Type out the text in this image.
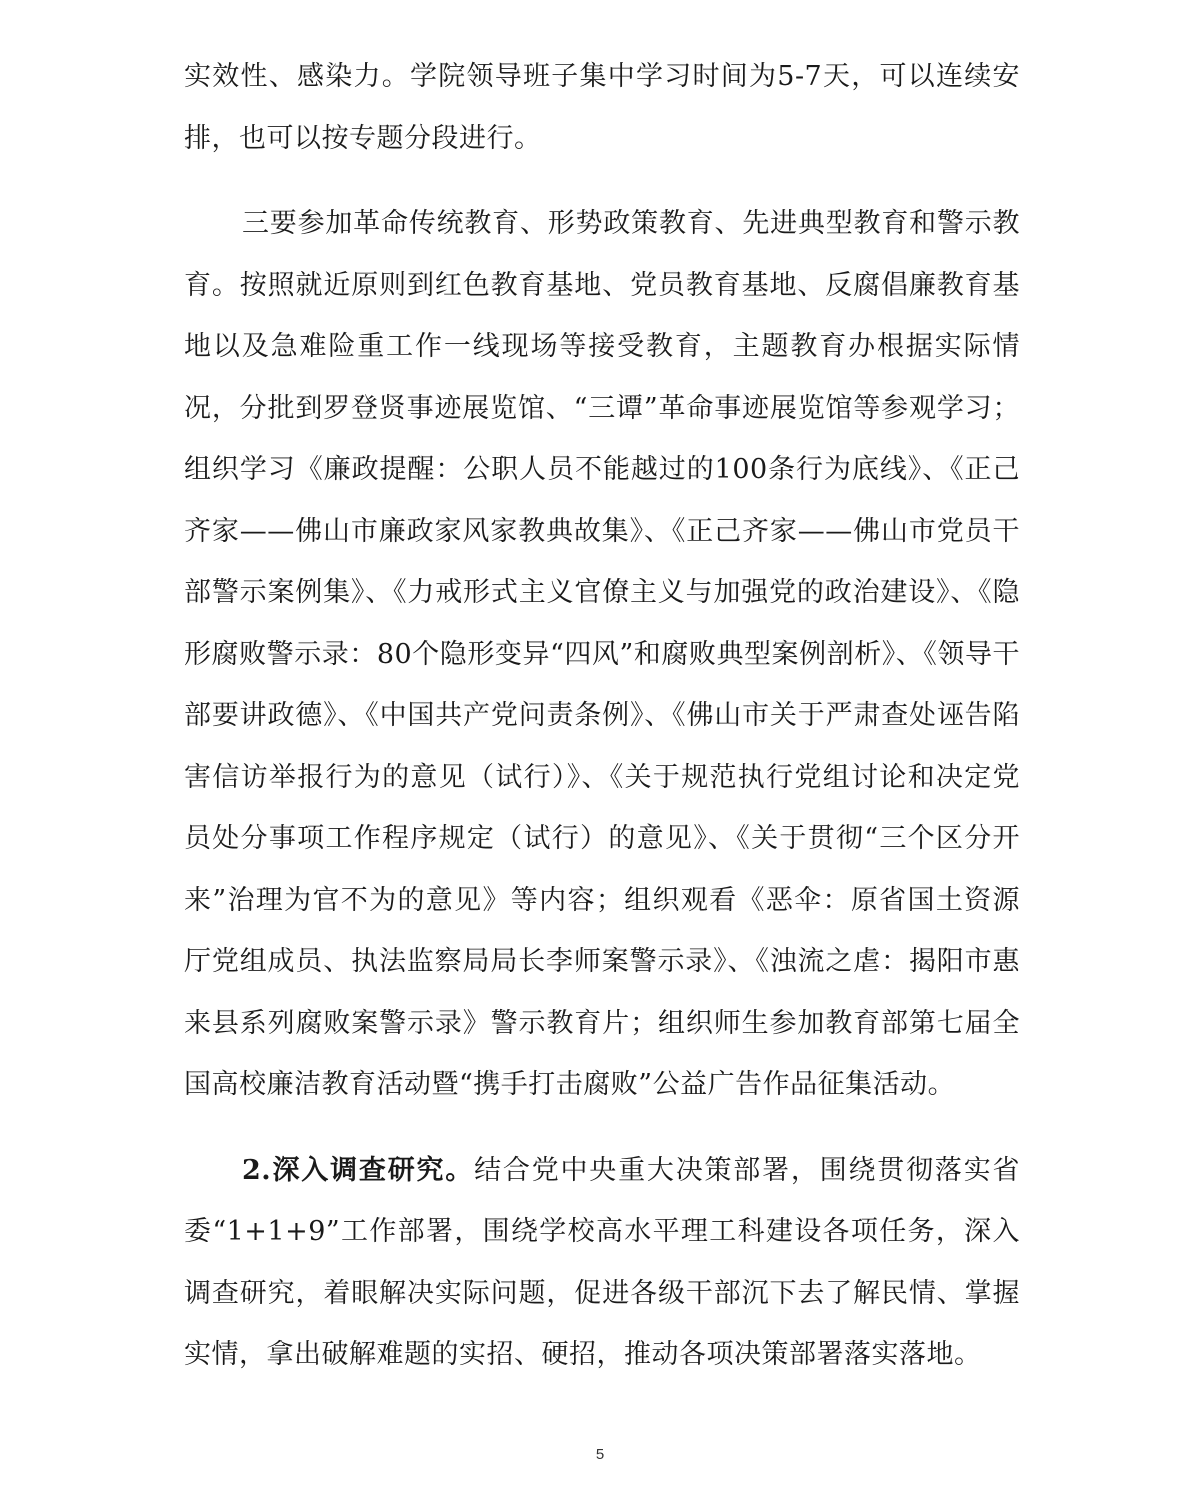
实效性、感染力。学院领导班子集中学习时间为5-7天，可以连续安排，也可以按专题分段进行。

三要参加革命传统教育、形势政策教育、先进典型教育和警示教育。按照就近原则到红色教育基地、党员教育基地、反腐倡廉教育基地以及急难险重工作一线现场等接受教育，主题教育办根据实际情况，分批到罗登贤事迹展览馆、“三谭”革命事迹展览馆等参观学习；组织学习《廉政提醒：公职人员不能越过的100条行为底线》、《正己齐家——佛山市廉政家风家教典故集》、《正己齐家——佛山市党员干部警示案例集》、《力戒形式主义官僚主义与加强党的政治建设》、《隐形腐败警示录：80个隐形变异“四风”和腐败典型案例剖析》、《领导干部要讲政德》、《中国共产党问责条例》、《佛山市关于严肃查处诬告陷害信访举报行为的意见（试行）》、《关于规范执行党组讨论和决定党员处分事项工作程序规定（试行）的意见》、《关于贯彻“三个区分开来”治理为官不为的意见》等内容；组织观看《恶伞：原省国土资源厅党组成员、执法监察局局长李师案警示录》、《浊流之虐：揭阳市惠来县系列腐败案警示录》警示教育片；组织师生参加教育部第七届全国高校廉洁教育活动暨“携手打击腐败”公益广告作品征集活动。

2.深入调查研究。结合党中央重大决策部署，围绕贯彻落实省委“1+1+9”工作部署，围绕学校高水平理工科建设各项任务，深入调查研究，着眼解决实际问题，促进各级干部沉下去了解民情、掌握实情，拿出破解难题的实招、硬招，推动各项决策部署落实落地。

5
